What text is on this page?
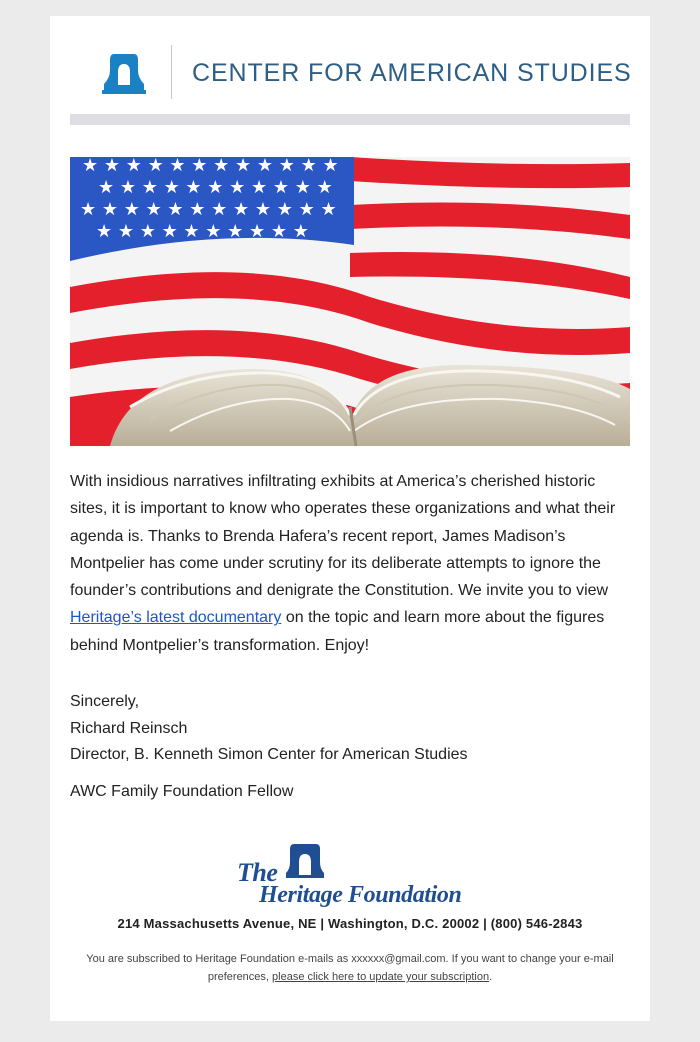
CENTER FOR AMERICAN STUDIES
★ ★ ★ ★ ★ ★ ★ ★ ★ ★ ★ ★
★ ★ ★ ★ ★ ★ ★ ★ ★ ★ ★
★ ★ ★ ★ ★ ★ ★ ★ ★ ★ ★ ★
★ ★ ★ ★ ★ ★ ★ ★ ★ ★
With insidious narratives infiltrating exhibits at America’s cherished historic sites, it is important to know who operates these organizations and what their agenda is. Thanks to Brenda Hafera’s recent report, James Madison’s Montpelier has come under scrutiny for its deliberate attempts to ignore the founder’s contributions and denigrate the Constitution. We invite you to view Heritage’s latest documentary on the topic and learn more about the figures behind Montpelier’s transformation. Enjoy!
Sincerely,
Richard Reinsch
Director, B. Kenneth Simon Center for American Studies
AWC Family Foundation Fellow
The
Heritage Foundation
214 Massachusetts Avenue, NE | Washington, D.C. 20002 | (800) 546-2843
You are subscribed to Heritage Foundation e-mails as xxxxxx@gmail.com. If you want to change your e-mail preferences, please click here to update your subscription.
